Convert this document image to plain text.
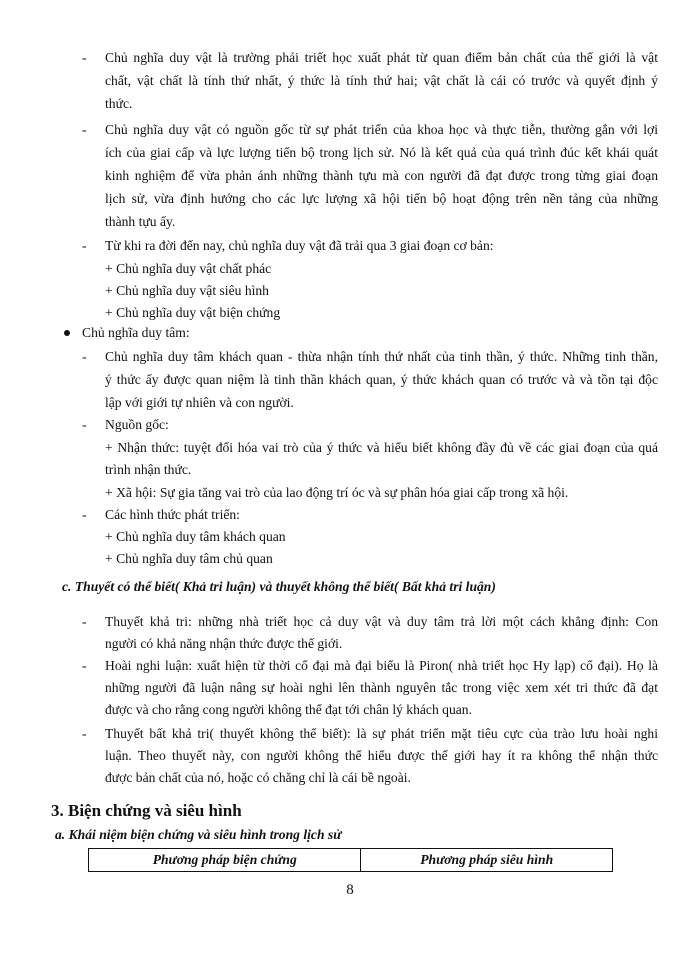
- Chủ nghĩa duy vật là trường phái triết học xuất phát từ quan điểm bản chất của thế giới là vật
chất, vật chất là tính thứ nhất, ý thức là tính thứ hai; vật chất là cái có trước và quyết định ý
thức.
- Chủ nghĩa duy vật có nguồn gốc từ sự phát triển của khoa học và thực tiễn, thường gắn với lợi
ích của giai cấp và lực lượng tiến bộ trong lịch sử. Nó là kết quả của quá trình đúc kết khái quát
kinh nghiệm để vừa phản ánh những thành tựu mà con người đã đạt được trong từng giai đoạn
lịch sử, vừa định hướng cho các lực lượng xã hội tiến bộ hoạt động trên nền tảng của những
thành tựu ấy.
- Từ khi ra đời đến nay, chủ nghĩa duy vật đã trải qua 3 giai đoạn cơ bản:
+ Chủ nghĩa duy vật chất phác
+ Chủ nghĩa duy vật siêu hình
+ Chủ nghĩa duy vật biện chứng
Chủ nghĩa duy tâm:
- Chủ nghĩa duy tâm khách quan - thừa nhận tính thứ nhất của tinh thần, ý thức. Những tinh thần,
ý thức ấy được quan niệm là tinh thần khách quan, ý thức khách quan có trước và và tồn tại độc
lập với giới tự nhiên và con người.
- Nguồn gốc:
+ Nhận thức: tuyệt đối hóa vai trò của ý thức và hiểu biết không đầy đủ về các giai đoạn của quá
trình nhận thức.
+ Xã hội: Sự gia tăng vai trò của lao động trí óc và sự phân hóa giai cấp trong xã hội.
- Các hình thức phát triển:
+ Chủ nghĩa duy tâm khách quan
+ Chủ nghĩa duy tâm chủ quan
c. Thuyết có thể biết( Khả tri luận) và thuyết không thể biết( Bất khả tri luận)
- Thuyết khả tri: những nhà triết học cả duy vật và duy tâm trả lời một cách khẳng định: Con
người có khả năng nhận thức được thế giới.
- Hoài nghi luận: xuất hiện từ thời cổ đại mà đại biểu là Piron( nhà triết học Hy lạp) cổ đại). Họ là
những người đã luận nâng sự hoài nghi lên thành nguyên tắc trong việc xem xét tri thức đã đạt
được và cho rằng cong người không thể đạt tới chân lý khách quan.
- Thuyết bất khả tri( thuyết không thể biết): là sự phát triển mặt tiêu cực của trào lưu hoài nghi
luận. Theo thuyết này, con người không thể hiểu được thế giới hay ít ra không thể nhận thức
được bản chất của nó, hoặc có chăng chỉ là cái bề ngoài.
3. Biện chứng và siêu hình
a. Khái niệm biện chứng và siêu hình trong lịch sử
Phương pháp biện chứng	Phương pháp siêu hình
8
